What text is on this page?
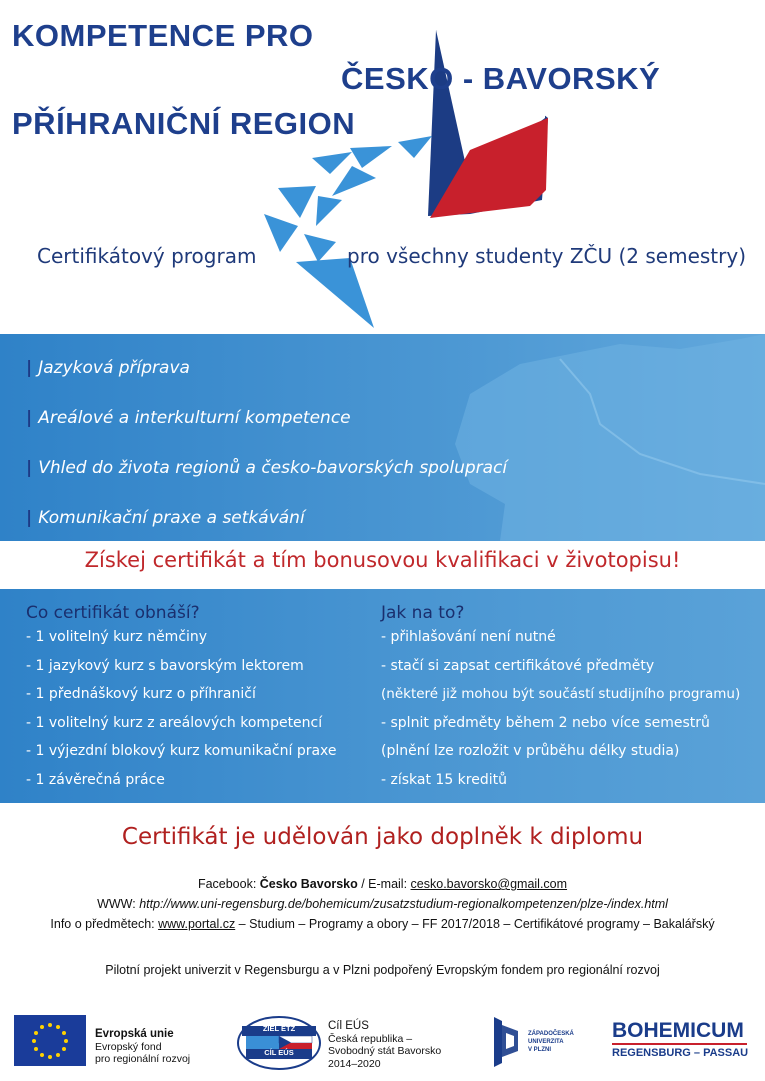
KOMPETENCE PRO
ČESKO - BAVORSKÝ
PŘÍHRANIČNÍ REGION
Certifikátový program	pro všechny studenty ZČU (2 semestry)
| Jazyková příprava
| Areálové a interkulturní kompetence
| Vhled do života regionů a česko-bavorských spoluprací
| Komunikační praxe a setkávání
Získej certifikát a tím bonusovou kvalifikaci v životopisu!
Co certifikát obnáší?
- 1 volitelný kurz němčiny
- 1 jazykový kurz s bavorským lektorem
- 1 přednáškový kurz o příhraničí
- 1 volitelný kurz z areálových kompetencí
- 1 výjezdní blokový kurz komunikační praxe
- 1 závěrečná práce
Jak na to?
- přihlašování není nutné
- stačí si zapsat certifikátové předměty
(některé již mohou být součástí studijního programu)
- splnit předměty během 2 nebo více semestrů
(plnění lze rozložit v průběhu délky studia)
- získat 15 kreditů
Certifikát je udělován jako doplněk k diplomu
Facebook: Česko Bavorsko / E-mail: cesko.bavorsko@gmail.com
WWW: http://www.uni-regensburg.de/bohemicum/zusatzstudium-regionalkompetenzen/plze-/index.html
Info o předmětech: www.portal.cz – Studium – Programy a obory – FF 2017/2018 – Certifikátové programy – Bakalářský
Pilotní projekt univerzit v Regensburgu a v Plzni podpořený Evropským fondem pro regionální rozvoj
Evropská unie
Evropský fond
pro regionální rozvoj
ZIEL ETZ
CÍL EÚS
Cíl EÚS
Česká republika –
Svobodný stát Bavorsko
2014–2020
ZÁPADOČESKÁ
UNIVERZITA
V PLZNI
BOHEMICUM
REGENSBURG – PASSAU
